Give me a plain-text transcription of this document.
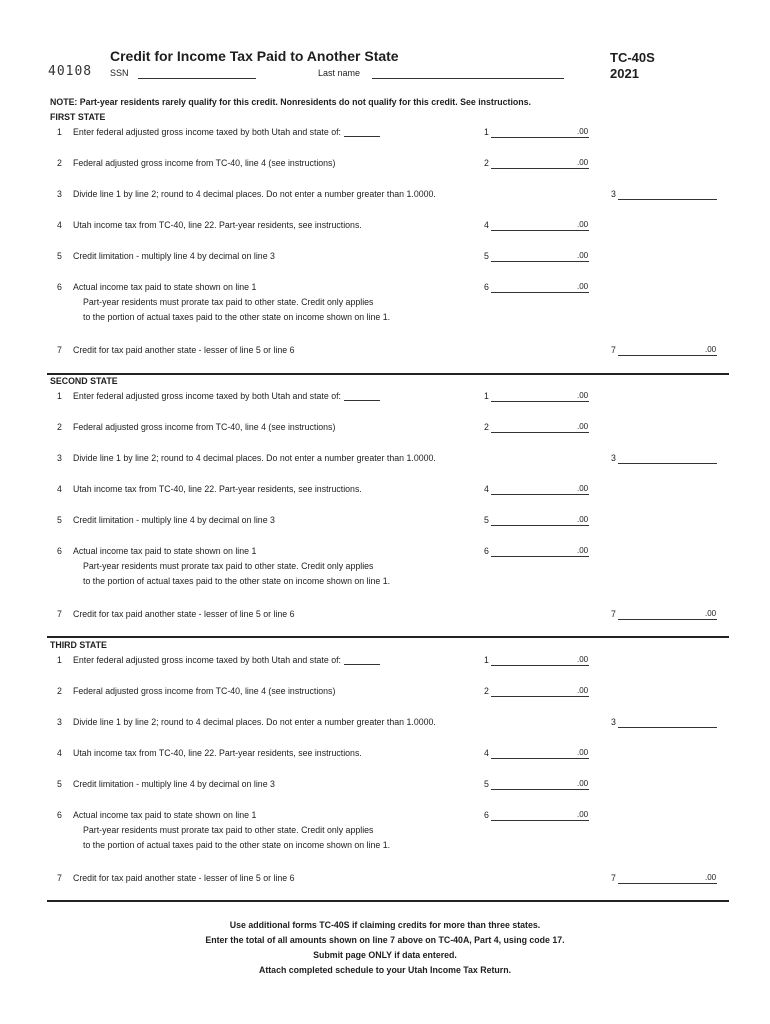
40108
Credit for Income Tax Paid to Another State
SSN	Last name
TC-40S
2021
NOTE: Part-year residents rarely qualify for this credit. Nonresidents do not qualify for this credit. See instructions.
FIRST STATE
1 Enter federal adjusted gross income taxed by both Utah and state of:	1	.00
2 Federal adjusted gross income from TC-40, line 4 (see instructions)	2	.00
3 Divide line 1 by line 2; round to 4 decimal places. Do not enter a number greater than 1.0000.	3
4 Utah income tax from TC-40, line 22. Part-year residents, see instructions.	4	.00
5 Credit limitation - multiply line 4 by decimal on line 3	5	.00
6 Actual income tax paid to state shown on line 1
Part-year residents must prorate tax paid to other state. Credit only applies
to the portion of actual taxes paid to the other state on income shown on line 1.
6	.00
7 Credit for tax paid another state - lesser of line 5 or line 6	7	.00
SECOND STATE
1 Enter federal adjusted gross income taxed by both Utah and state of:	1	.00
2 Federal adjusted gross income from TC-40, line 4 (see instructions)	2	.00
3 Divide line 1 by line 2; round to 4 decimal places. Do not enter a number greater than 1.0000.	3
4 Utah income tax from TC-40, line 22. Part-year residents, see instructions.	4	.00
5 Credit limitation - multiply line 4 by decimal on line 3	5	.00
6 Actual income tax paid to state shown on line 1
Part-year residents must prorate tax paid to other state. Credit only applies
to the portion of actual taxes paid to the other state on income shown on line 1.
6	.00
7 Credit for tax paid another state - lesser of line 5 or line 6	7	.00
THIRD STATE
1 Enter federal adjusted gross income taxed by both Utah and state of:	1	.00
2 Federal adjusted gross income from TC-40, line 4 (see instructions)	2	.00
3 Divide line 1 by line 2; round to 4 decimal places. Do not enter a number greater than 1.0000.	3
4 Utah income tax from TC-40, line 22. Part-year residents, see instructions.	4	.00
5 Credit limitation - multiply line 4 by decimal on line 3	5	.00
6 Actual income tax paid to state shown on line 1
Part-year residents must prorate tax paid to other state. Credit only applies
to the portion of actual taxes paid to the other state on income shown on line 1.
6	.00
7 Credit for tax paid another state - lesser of line 5 or line 6	7	.00
Use additional forms TC-40S if claiming credits for more than three states.
Enter the total of all amounts shown on line 7 above on TC-40A, Part 4, using code 17.
Submit page ONLY if data entered.
Attach completed schedule to your Utah Income Tax Return.
